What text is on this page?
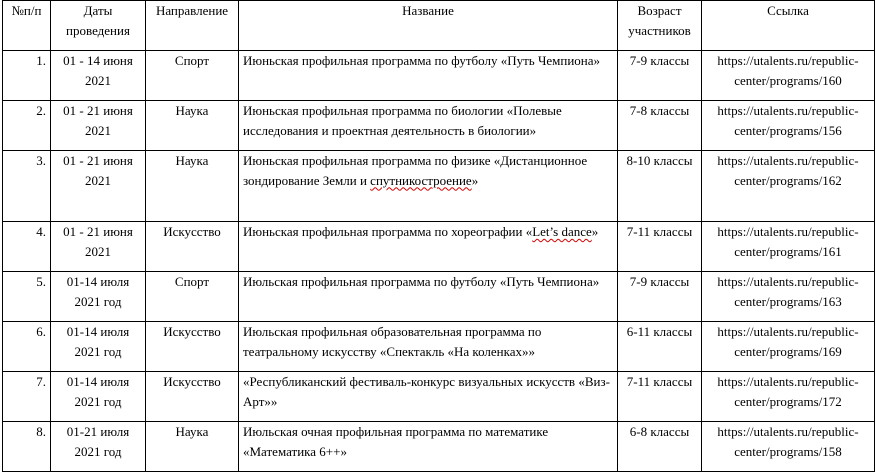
№п/п	Даты проведения	Направление	Название	Возраст участников	Ссылка
1.	01 - 14 июня 2021	Спорт	Июньская профильная программа по футболу «Путь Чемпиона»	7-9 классы	https://utalents.ru/republic-center/programs/160
2.	01 - 21 июня 2021	Наука	Июньская профильная программа по биологии «Полевые исследования и проектная деятельность в биологии»	7-8 классы	https://utalents.ru/republic-center/programs/156
3.	01 - 21 июня 2021	Наука	Июньская профильная программа по физике «Дистанционное зондирование Земли и спутникостроение»	8-10 классы	https://utalents.ru/republic-center/programs/162
4.	01 - 21 июня 2021	Искусство	Июньская профильная программа по хореографии «Let’s dance»	7-11 классы	https://utalents.ru/republic-center/programs/161
5.	01-14 июля 2021 год	Спорт	Июльская профильная программа по футболу «Путь Чемпиона»	7-9 классы	https://utalents.ru/republic-center/programs/163
6.	01-14 июля 2021 год	Искусство	Июльская профильная образовательная программа по театральному искусству «Спектакль «На коленках»»	6-11 классы	https://utalents.ru/republic-center/programs/169
7.	01-14 июля 2021 год	Искусство	«Республиканский фестиваль-конкурс визуальных искусств «Виз-Арт»»	7-11 классы	https://utalents.ru/republic-center/programs/172
8.	01-21 июля 2021 год	Наука	Июльская очная профильная программа по математике «Математика 6++»	6-8 классы	https://utalents.ru/republic-center/programs/158
